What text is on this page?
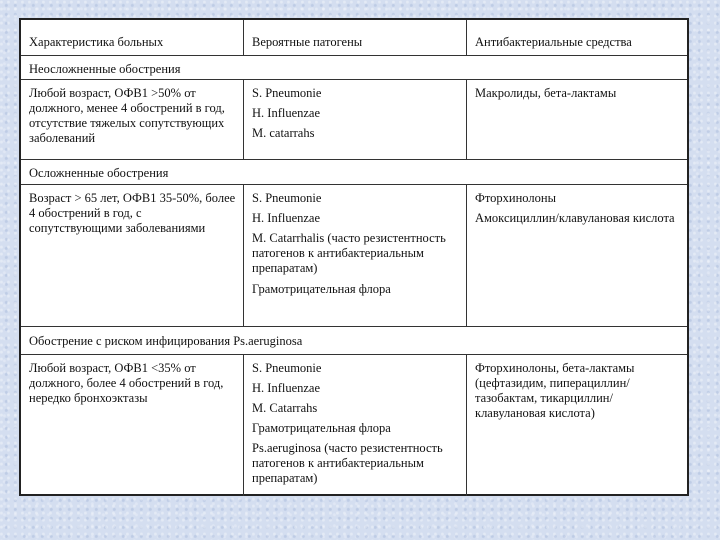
Характеристика больных	Вероятные патогены	Антибактериальные средства
Неосложненные обострения
Любой возраст, ОФВ1 >50% от должного, менее 4 обострений в год, отсутствие тяжелых сопутствующих заболеваний
S. Pneumonie
H. Influenzae
M. catarrahs
Макролиды, бета-лактамы
Осложненные обострения
Возраст > 65 лет, ОФВ1 35-50%, более 4 обострений в год, с сопутствующими заболеваниями
S. Pneumonie
H. Influenzae
M. Catarrhalis (часто резистентность патогенов к антибактериальным препаратам)
Грамотрицательная флора
Фторхинолоны
Амоксициллин/клавулановая кислота
Обострение с риском инфицирования Ps.aeruginosa
Любой возраст, ОФВ1 <35% от должного, более 4 обострений в год, нередко бронхоэктазы
S. Pneumonie
H. Influenzae
M. Catarrahs
Грамотрицательная флора
Ps.aeruginosa (часто резистентность патогенов к антибактериальным препаратам)
Фторхинолоны, бета-лактамы (цефтазидим, пиперациллин/тазобактам, тикарциллин/клавулановая кислота)
